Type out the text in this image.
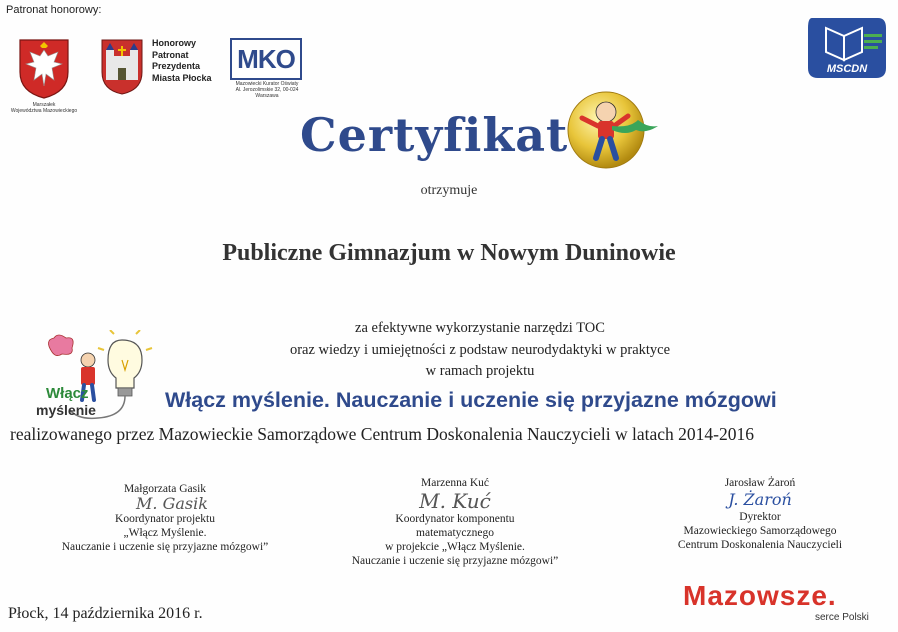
Patronat honorowy:
Marszałek
Województwa Mazowieckiego
Honorowy
Patronat
Prezydenta
Miasta Płocka
MKO
Mazowiecki Kurator Oświaty
Al. Jerozolimskie 32, 00-024 Warszawa
MSCDN
Certyfikat
otrzymuje
Publiczne Gimnazjum w Nowym Duninowie
za efektywne wykorzystanie narzędzi TOC
oraz wiedzy i umiejętności z podstaw neurodydaktyki w praktyce
w ramach projektu
Włącz
myślenie	Włącz myślenie. Nauczanie i uczenie się przyjazne mózgowi
realizowanego przez Mazowieckie Samorządowe Centrum Doskonalenia Nauczycieli w latach 2014-2016
Małgorzata Gasik
M. Gasik
Koordynator projektu
„Włącz Myślenie.
Nauczanie i uczenie się przyjazne mózgowi”
Marzenna Kuć
M. Kuć
Koordynator komponentu
matematycznego
w projekcie „Włącz Myślenie.
Nauczanie i uczenie się przyjazne mózgowi”
Jarosław Żaroń
J. Żaroń
Dyrektor
Mazowieckiego Samorządowego
Centrum Doskonalenia Nauczycieli
Płock, 14 października 2016 r.
Mazowsze.
serce Polski
